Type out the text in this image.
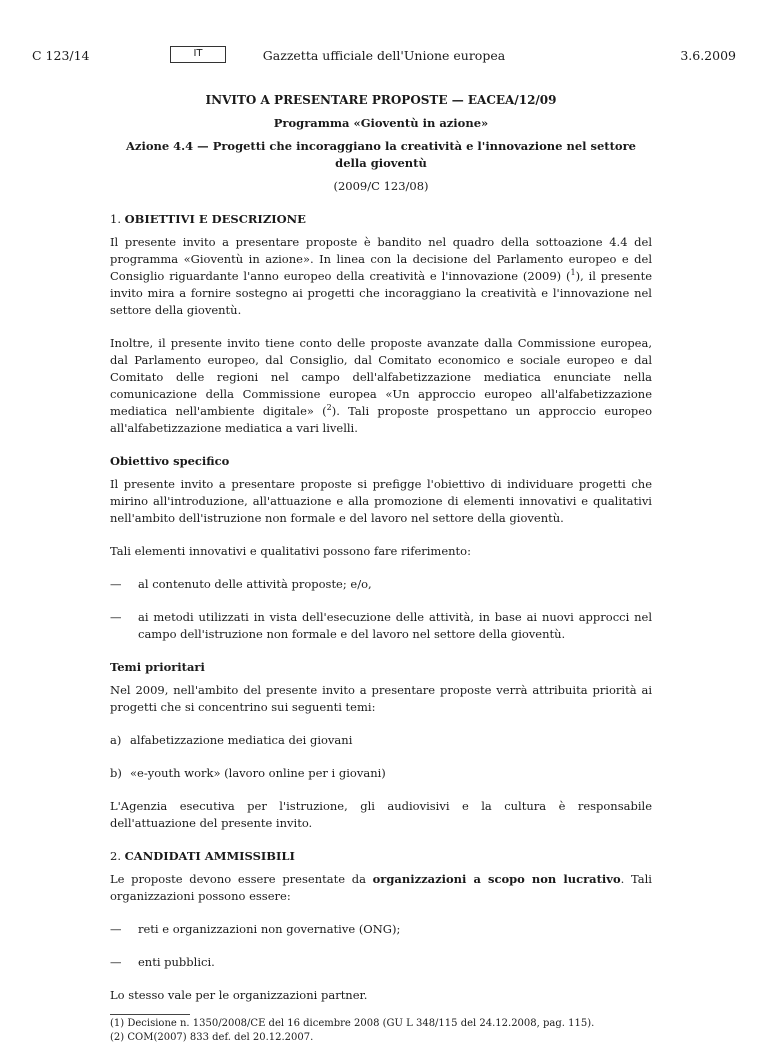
C 123/14	IT	Gazzetta ufficiale dell'Unione europea	3.6.2009
INVITO A PRESENTARE PROPOSTE — EACEA/12/09
Programma «Gioventù in azione»
Azione 4.4 — Progetti che incoraggiano la creatività e l'innovazione nel settore della gioventù
(2009/C 123/08)
1. OBIETTIVI E DESCRIZIONE

Il presente invito a presentare proposte è bandito nel quadro della sottoazione 4.4 del programma «Gioventù in azione». In linea con la decisione del Parlamento europeo e del Consiglio riguardante l'anno europeo della creatività e l'innovazione (2009) ($^1$), il presente invito mira a fornire sostegno ai progetti che incoraggiano la creatività e l'innovazione nel settore della gioventù.

Inoltre, il presente invito tiene conto delle proposte avanzate dalla Commissione europea, dal Parlamento europeo, dal Consiglio, dal Comitato economico e sociale europeo e dal Comitato delle regioni nel campo dell'alfabetizzazione mediatica enunciate nella comunicazione della Commissione europea «Un approccio europeo all'alfabetizzazione mediatica nell'ambiente digitale» ($^2$). Tali proposte prospettano un approccio europeo all'alfabetizzazione mediatica a vari livelli.

Obiettivo specifico

Il presente invito a presentare proposte si prefigge l'obiettivo di individuare progetti che mirino all'introduzione, all'attuazione e alla promozione di elementi innovativi e qualitativi nell'ambito dell'istruzione non formale e del lavoro nel settore della gioventù.

Tali elementi innovativi e qualitativi possono fare riferimento:

— al contenuto delle attività proposte; e/o,
— ai metodi utilizzati in vista dell'esecuzione delle attività, in base ai nuovi approcci nel campo dell'istruzione non formale e del lavoro nel settore della gioventù.
Temi prioritari

Nel 2009, nell'ambito del presente invito a presentare proposte verrà attribuita priorità ai progetti che si concentrino sui seguenti temi:

a) alfabetizzazione mediatica dei giovani
b) «e-youth work» (lavoro online per i giovani)

L'Agenzia esecutiva per l'istruzione, gli audiovisivi e la cultura è responsabile dell'attuazione del presente invito.

2. CANDIDATI AMMISSIBILI

Le proposte devono essere presentate da organizzazioni a scopo non lucrativo. Tali organizzazioni possono essere:

— reti e organizzazioni non governative (ONG);
— enti pubblici.

Lo stesso vale per le organizzazioni partner.

(1) Decisione n. 1350/2008/CE del 16 dicembre 2008 (GU L 348/115 del 24.12.2008, pag. 115).
(2) COM(2007) 833 def. del 20.12.2007.
